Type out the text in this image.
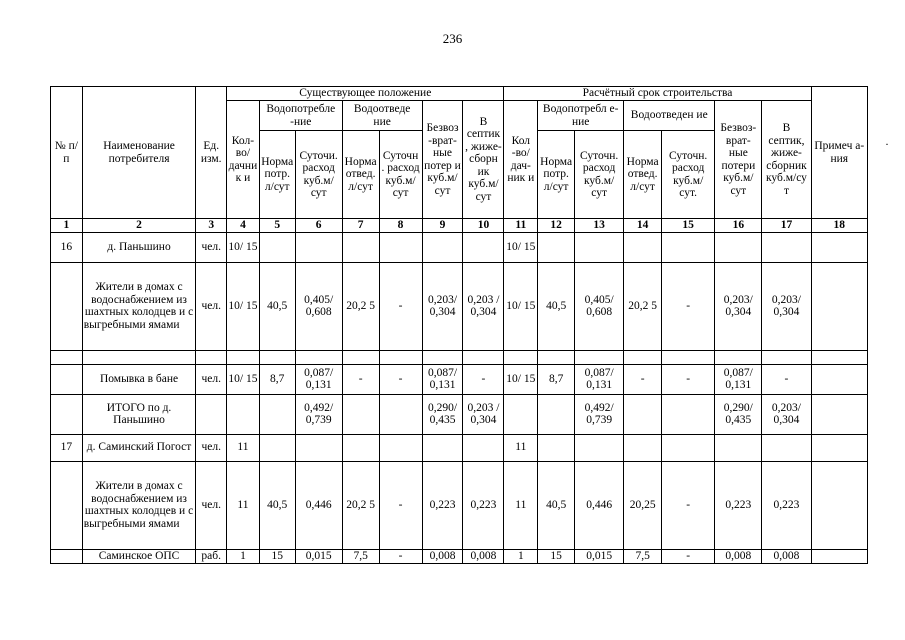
236
·
№ п/п	Наименование потребителя	Ед. изм.	Существующее положение							Расчётный срок строительства							Примеч а-ния
			Кол- во/ дачник и	Водопотребле -ние		Водоотведе ние		Безвоз -врат- ные потер и куб.м/ сут	В септик , жиже- сборн ик куб.м/ сут	Кол -во/ дач- ник и	Водопотребл е-ние		Водоотведен ие		Безвоз- врат- ные потери куб.м/ сут	В септик, жиже- сборник куб.м/су т	
				Норма потр. л/сут	Суточи. расход куб.м/ сут	Норма отвед. л/сут	Суточн . расход куб.м/ сут				Норма потр. л/сут	Суточн. расход куб.м/ сут	Норма отвед. л/сут	Суточн. расход куб.м/ сут.			

1	2	3	4	5	6	7	8	9	10	11	12	13	14	15	16	17	18
16	д. Паньшино	чел.	10/ 15							10/ 15							
	Жители в домах с водоснабжением из шахтных колодцев и с выгребными ямами	чел.	10/ 15	40,5	0,405/ 0,608	20,2 5	-	0,203/ 0,304	0,203 / 0,304	10/ 15	40,5	0,405/ 0,608	20,2 5	-	0,203/ 0,304	0,203/ 0,304	

	Помывка в бане	чел.	10/ 15	8,7	0,087/ 0,131	-	-	0,087/ 0,131	-	10/ 15	8,7	0,087/ 0,131	-	-	0,087/ 0,131	-	
	ИТОГО по д. Паньшино				0,492/ 0,739			0,290/ 0,435	0,203 / 0,304			0,492/ 0,739			0,290/ 0,435	0,203/ 0,304	
17	д. Саминский Погост	чел.	11							11							
	Жители в домах с водоснабжением из шахтных колодцев и с выгребными ямами	чел.	11	40,5	0,446	20,2 5	-	0,223	0,223	11	40,5	0,446	20,25	-	0,223	0,223	
	Саминское ОПС	раб.	1	15	0,015	7,5	-	0,008	0,008	1	15	0,015	7,5	-	0,008	0,008	
